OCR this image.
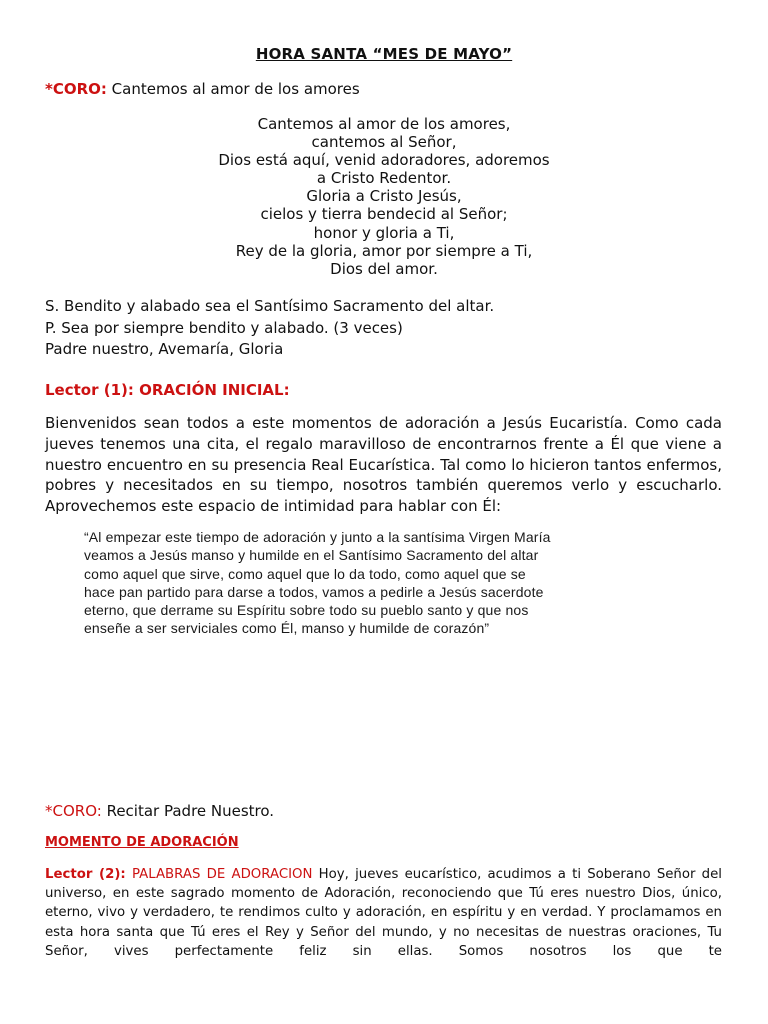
HORA SANTA “MES DE MAYO”
*CORO: Cantemos al amor de los amores
Cantemos al amor de los amores,
cantemos al Señor,
Dios está aquí, venid adoradores, adoremos
a Cristo Redentor.
Gloria a Cristo Jesús,
cielos y tierra bendecid al Señor;
honor y gloria a Ti,
Rey de la gloria, amor por siempre a Ti,
Dios del amor.
S. Bendito y alabado sea el Santísimo Sacramento del altar.
P. Sea por siempre bendito y alabado. (3 veces)
Padre nuestro, Avemaría, Gloria
Lector (1): ORACIÓN INICIAL:
Bienvenidos sean todos a este momentos de adoración a Jesús Eucaristía. Como cada jueves tenemos una cita, el regalo maravilloso de encontrarnos frente a Él que viene a nuestro encuentro en su presencia Real Eucarística. Tal como lo hicieron tantos enfermos, pobres y necesitados en su tiempo, nosotros también queremos verlo y escucharlo. Aprovechemos este espacio de intimidad para hablar con Él:
“Al empezar este tiempo de adoración y junto a la santísima Virgen María
veamos a Jesús manso y humilde en el Santísimo Sacramento del altar
como aquel que sirve, como aquel que lo da todo, como aquel que se
hace pan partido para darse a todos, vamos a pedirle a Jesús sacerdote
eterno, que derrame su Espíritu sobre todo su pueblo santo y que nos
enseñe a ser serviciales como Él, manso y humilde de corazón”
*CORO: Recitar Padre Nuestro.
MOMENTO DE ADORACIÓN
Lector (2): PALABRAS DE ADORACION Hoy, jueves eucarístico, acudimos a ti Soberano Señor del universo, en este sagrado momento de Adoración, reconociendo que Tú eres nuestro Dios, único, eterno, vivo y verdadero, te rendimos culto y adoración, en espíritu y en verdad. Y proclamamos en esta hora santa que Tú eres el Rey y Señor del mundo, y no necesitas de nuestras oraciones, Tu Señor, vives perfectamente feliz sin ellas. Somos nosotros los que te
